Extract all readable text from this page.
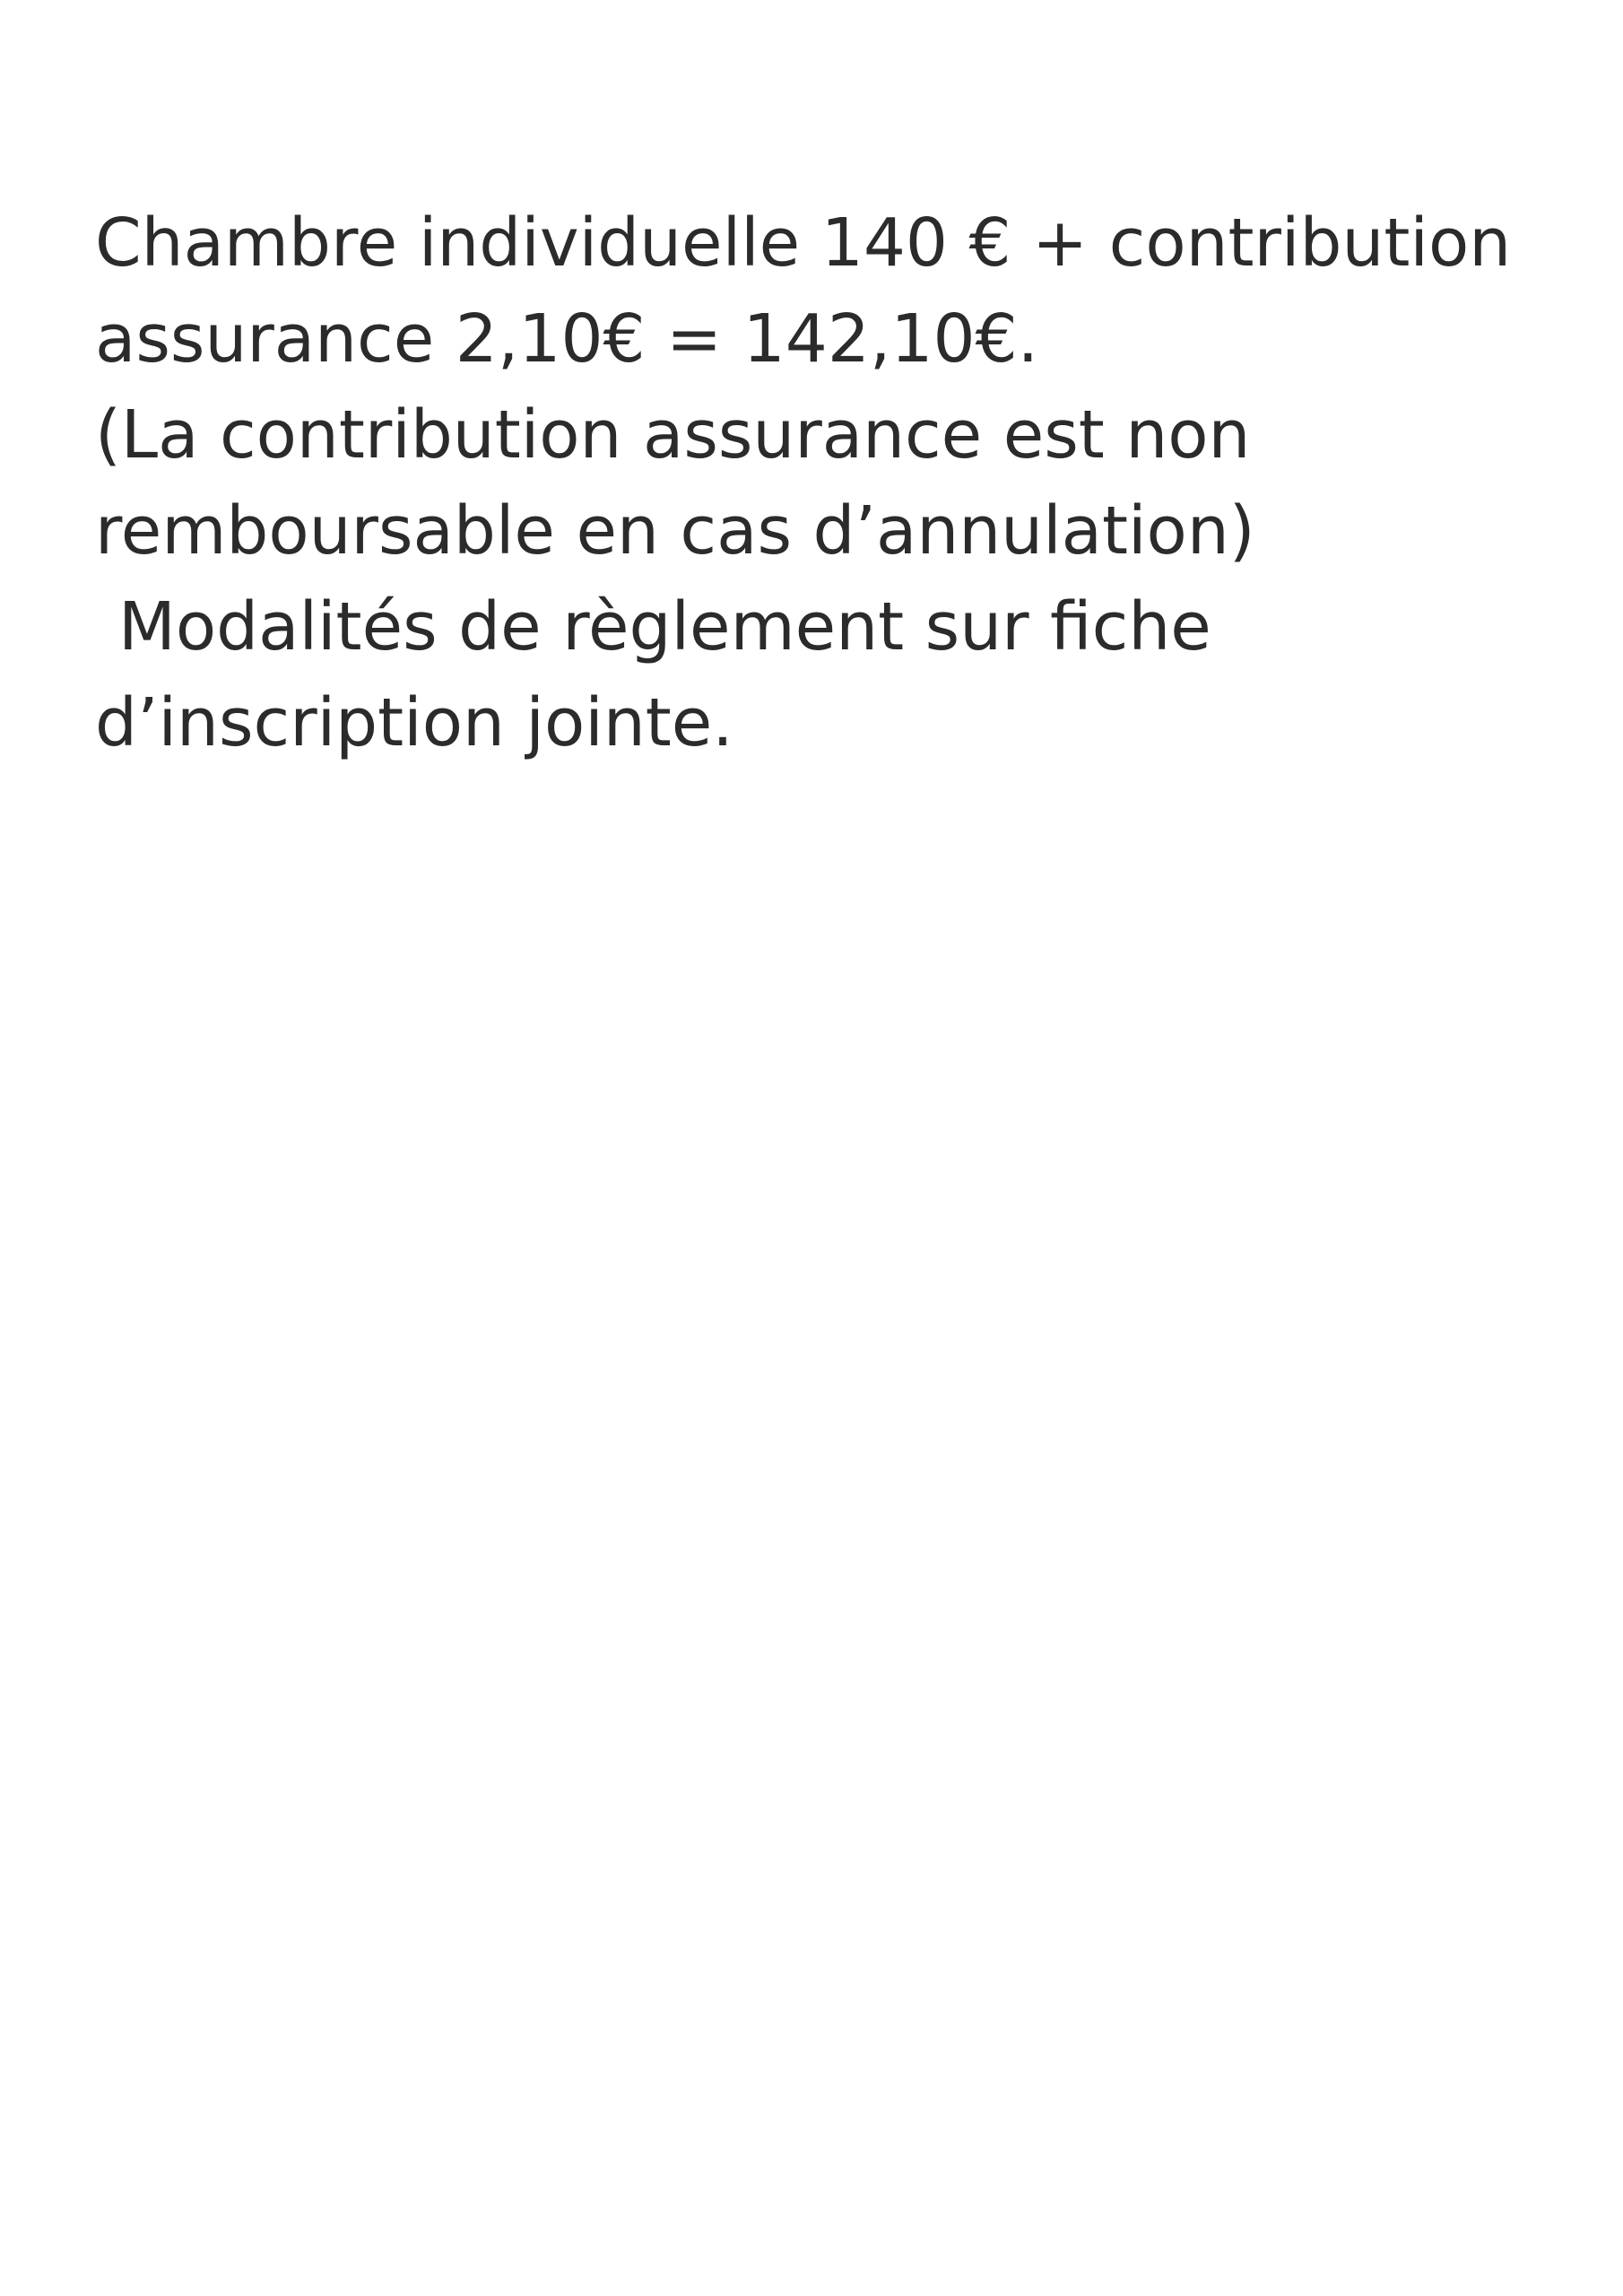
Chambre individuelle 140 € + contribution
assurance 2,10€ = 142,10€.
(La contribution assurance est non
remboursable en cas d’annulation)
Modalités de règlement sur fiche
d’inscription jointe.
